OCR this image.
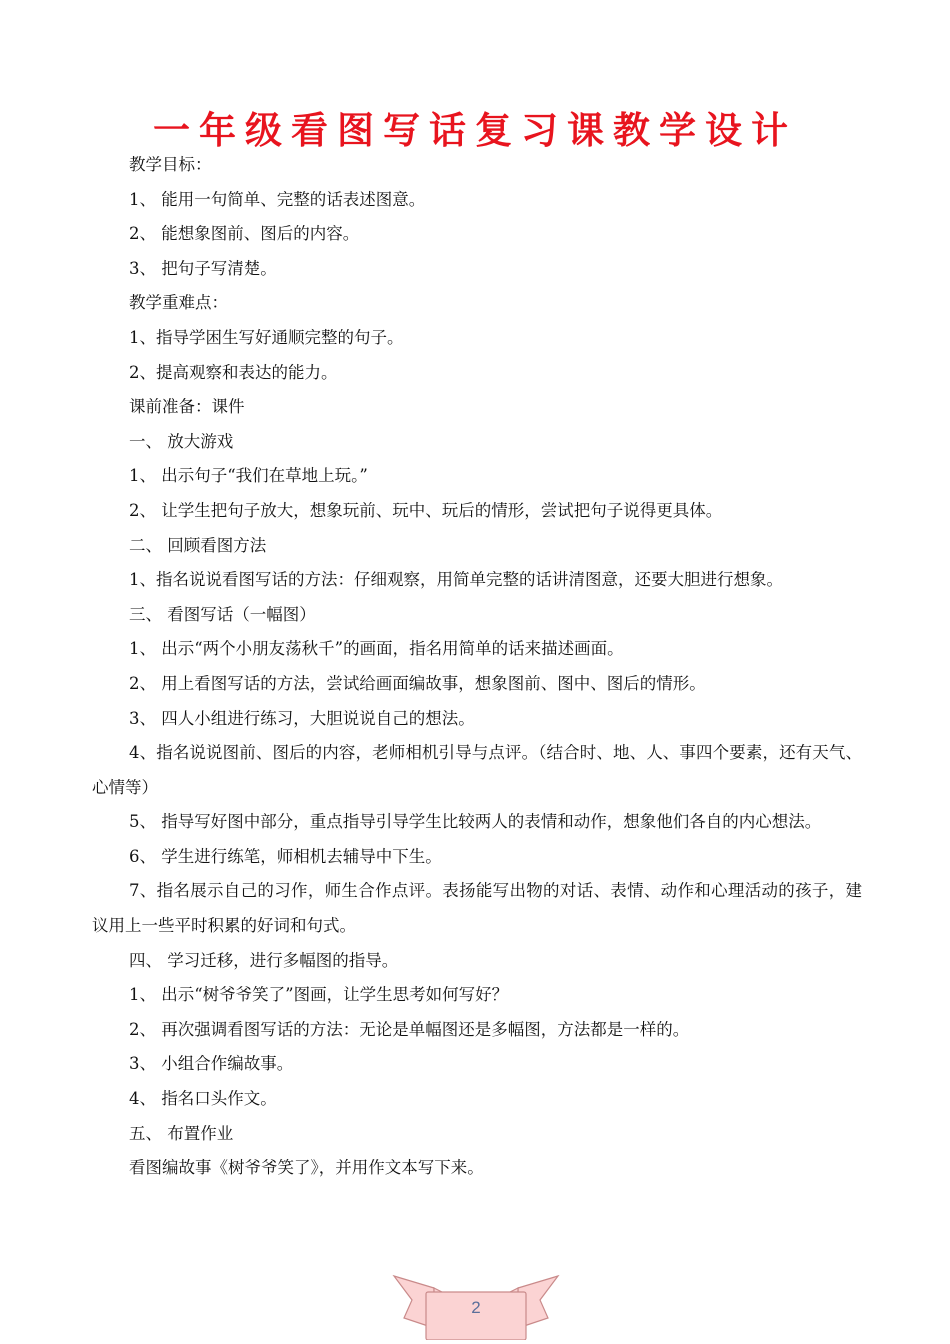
一年级看图写话复习课教学设计
教学目标：
1、 能用一句简单、完整的话表述图意。
2、 能想象图前、图后的内容。
3、 把句子写清楚。
教学重难点：
1、指导学困生写好通顺完整的句子。
2、提高观察和表达的能力。
课前准备：课件
一、 放大游戏
1、 出示句子“我们在草地上玩。”
2、 让学生把句子放大，想象玩前、玩中、玩后的情形，尝试把句子说得更具体。
二、 回顾看图方法
1、指名说说看图写话的方法：仔细观察，用简单完整的话讲清图意，还要大胆进行想象。
三、 看图写话（一幅图）
1、 出示“两个小朋友荡秋千”的画面，指名用简单的话来描述画面。
2、 用上看图写话的方法，尝试给画面编故事，想象图前、图中、图后的情形。
3、 四人小组进行练习，大胆说说自己的想法。
4、指名说说图前、图后的内容，老师相机引导与点评。（结合时、地、人、事四个要素，还有天气、心情等）
5、 指导写好图中部分，重点指导引导学生比较两人的表情和动作，想象他们各自的内心想法。
6、 学生进行练笔，师相机去辅导中下生。
7、指名展示自己的习作，师生合作点评。表扬能写出物的对话、表情、动作和心理活动的孩子，建议用上一些平时积累的好词和句式。
四、 学习迁移，进行多幅图的指导。
1、 出示“树爷爷笑了”图画，让学生思考如何写好？
2、 再次强调看图写话的方法：无论是单幅图还是多幅图，方法都是一样的。
3、 小组合作编故事。
4、 指名口头作文。
五、 布置作业
看图编故事《树爷爷笑了》，并用作文本写下来。
2
